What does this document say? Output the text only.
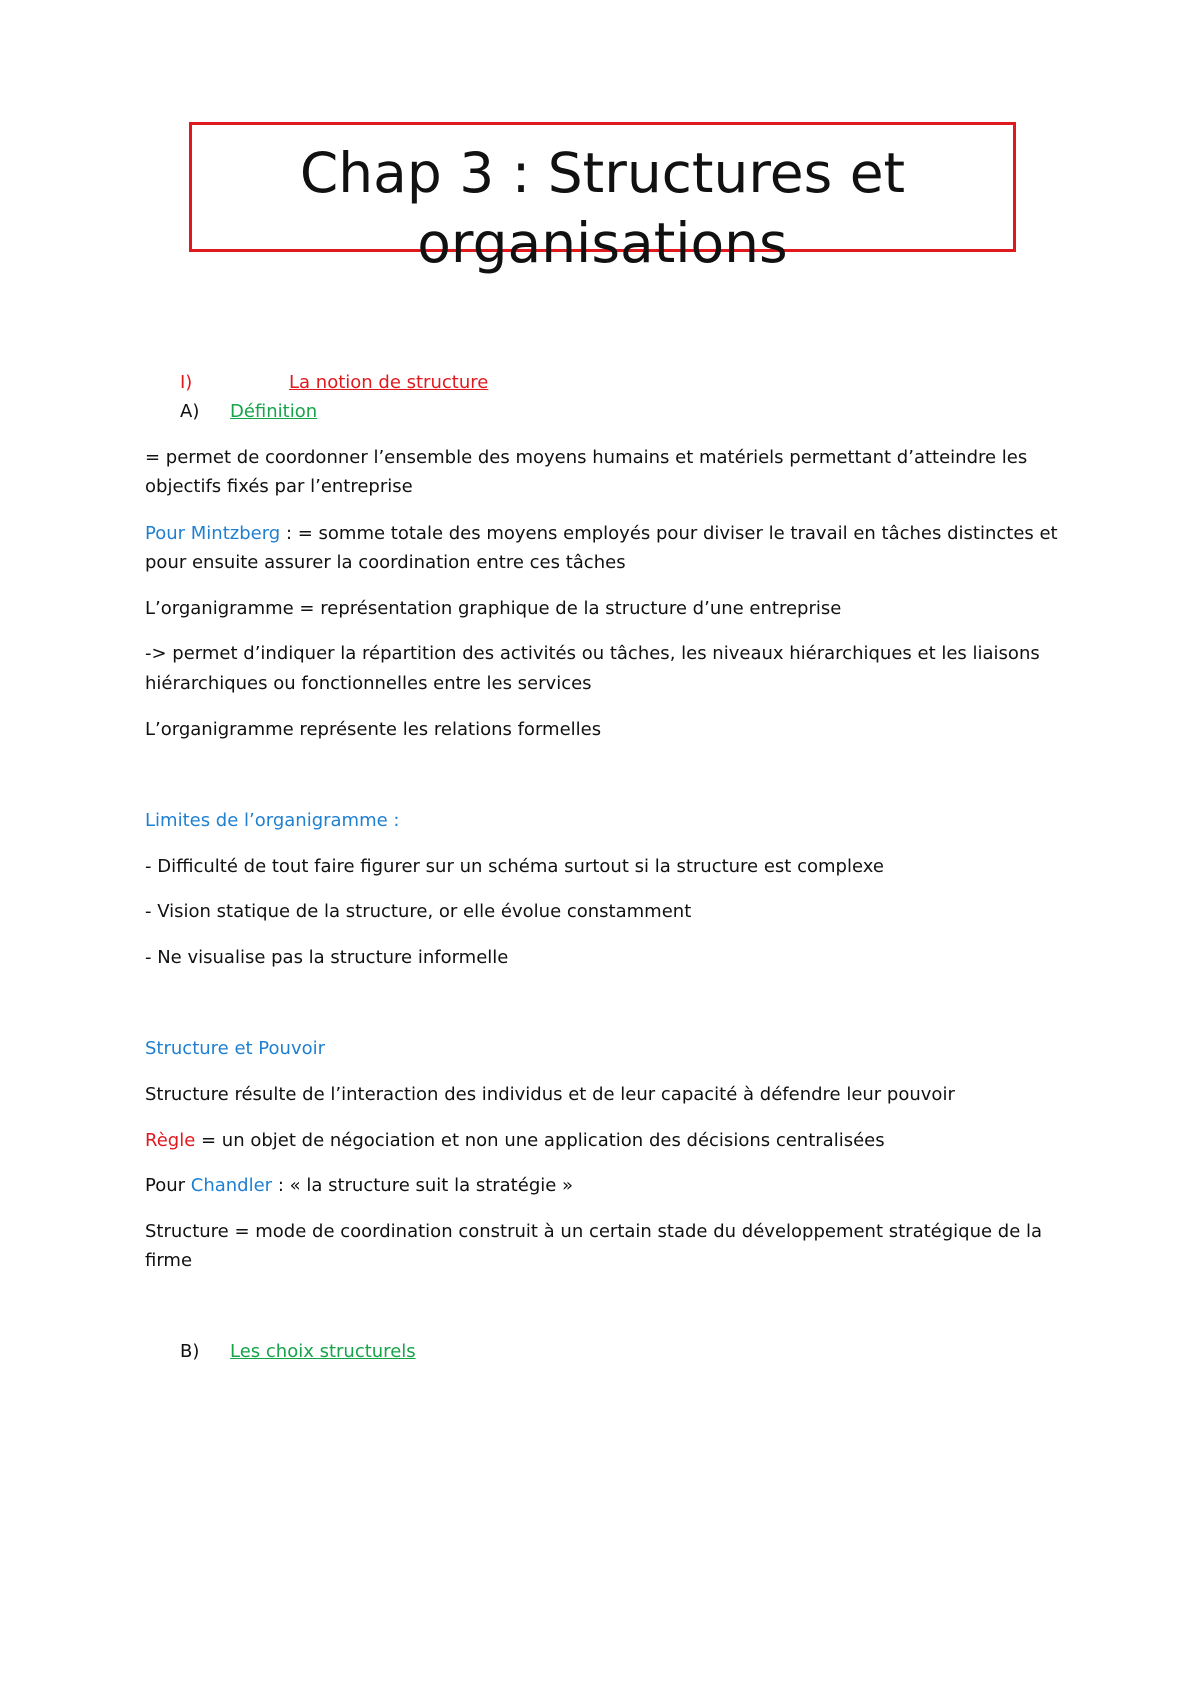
Chap 3 : Structures et
organisations

I)	La notion de structure

A) Définition

= permet de coordonner l’ensemble des moyens humains et matériels permettant d’atteindre les

objectifs fixés par l’entreprise

Pour Mintzberg : = somme totale des moyens employés pour diviser le travail en tâches distinctes et

pour ensuite assurer la coordination entre ces tâches

L’organigramme = représentation graphique de la structure d’une entreprise

-> permet d’indiquer la répartition des activités ou tâches, les niveaux hiérarchiques et les liaisons

hiérarchiques ou fonctionnelles entre les services

L’organigramme représente les relations formelles

Limites de l’organigramme :

- Difficulté de tout faire figurer sur un schéma surtout si la structure est complexe

- Vision statique de la structure, or elle évolue constamment

- Ne visualise pas la structure informelle

Structure et Pouvoir

Structure résulte de l’interaction des individus et de leur capacité à défendre leur pouvoir

Règle = un objet de négociation et non une application des décisions centralisées

Pour Chandler : « la structure suit la stratégie »

Structure = mode de coordination construit à un certain stade du développement stratégique de la

firme

B) Les choix structurels
